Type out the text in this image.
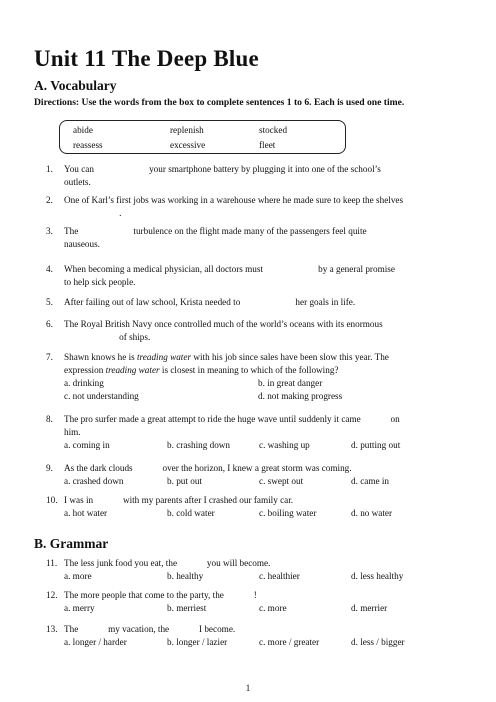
Unit 11 The Deep Blue
A. Vocabulary
Directions: Use the words from the box to complete sentences 1 to 6. Each is used one time.
abide	replenish	stocked
reassess	excessive	fleet
1. You can                        your smartphone battery by plugging it into one of the school’s
outlets.
2. One of Karl’s first jobs was working in a warehouse where he made sure to keep the shelves
.
3. The                        turbulence on the flight made many of the passengers feel quite
nauseous.
4. When becoming a medical physician, all doctors must                        by a general promise
to help sick people.
5. After failing out of law school, Krista needed to                        her goals in life.
6. The Royal British Navy once controlled much of the world’s oceans with its enormous
of ships.
7. Shawn knows he is treading water with his job since sales have been slow this year. The
expression treading water is closest in meaning to which of the following?
a. drinking	b. in great danger
c. not understanding	d. not making progress
8. The pro surfer made a great attempt to ride the huge wave until suddenly it came             on
him.
a. coming in	b. crashing down	c. washing up	d. putting out
9. As the dark clouds             over the horizon, I knew a great storm was coming.
a. crashed down	b. put out	c. swept out	d. came in
10. I was in             with my parents after I crashed our family car.
a. hot water	b. cold water	c. boiling water	d. no water
B. Grammar
11. The less junk food you eat, the             you will become.
a. more	b. healthy	c. healthier	d. less healthy
12. The more people that come to the party, the             !
a. merry	b. merriest	c. more	d. merrier
13. The             my vacation, the             I become.
a. longer / harder	b. longer / lazier	c. more / greater	d. less / bigger
1
